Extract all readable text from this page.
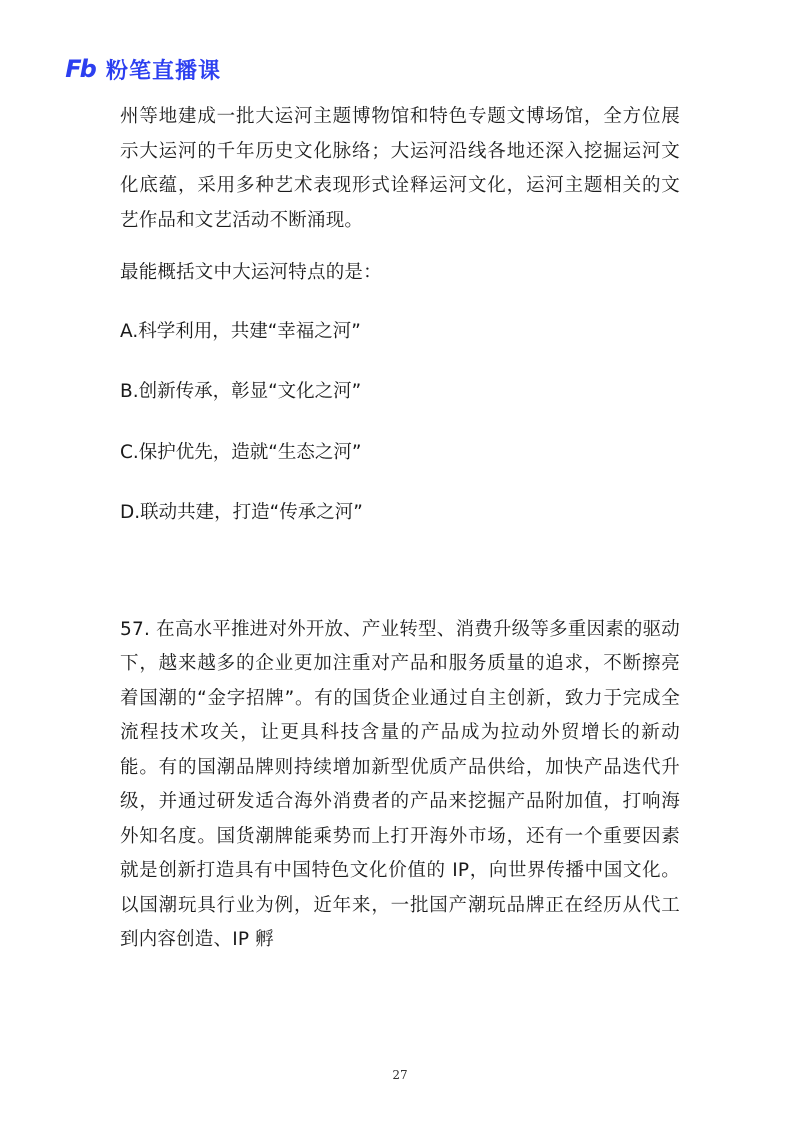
Fb 粉笔直播课

州等地建成一批大运河主题博物馆和特色专题文博场馆，全方位展示大运河的千年历史文化脉络；大运河沿线各地还深入挖掘运河文化底蕴，采用多种艺术表现形式诠释运河文化，运河主题相关的文艺作品和文艺活动不断涌现。

最能概括文中大运河特点的是：

A.科学利用，共建“幸福之河”
B.创新传承，彰显“文化之河”
C.保护优先，造就“生态之河”
D.联动共建，打造“传承之河”

57. 在高水平推进对外开放、产业转型、消费升级等多重因素的驱动下，越来越多的企业更加注重对产品和服务质量的追求，不断擦亮着国潮的“金字招牌”。有的国货企业通过自主创新，致力于完成全流程技术攻关，让更具科技含量的产品成为拉动外贸增长的新动能。有的国潮品牌则持续增加新型优质产品供给，加快产品迭代升级，并通过研发适合海外消费者的产品来挖掘产品附加值，打响海外知名度。国货潮牌能乘势而上打开海外市场，还有一个重要因素就是创新打造具有中国特色文化价值的 IP，向世界传播中国文化。以国潮玩具行业为例，近年来，一批国产潮玩品牌正在经历从代工到内容创造、IP 孵

27
